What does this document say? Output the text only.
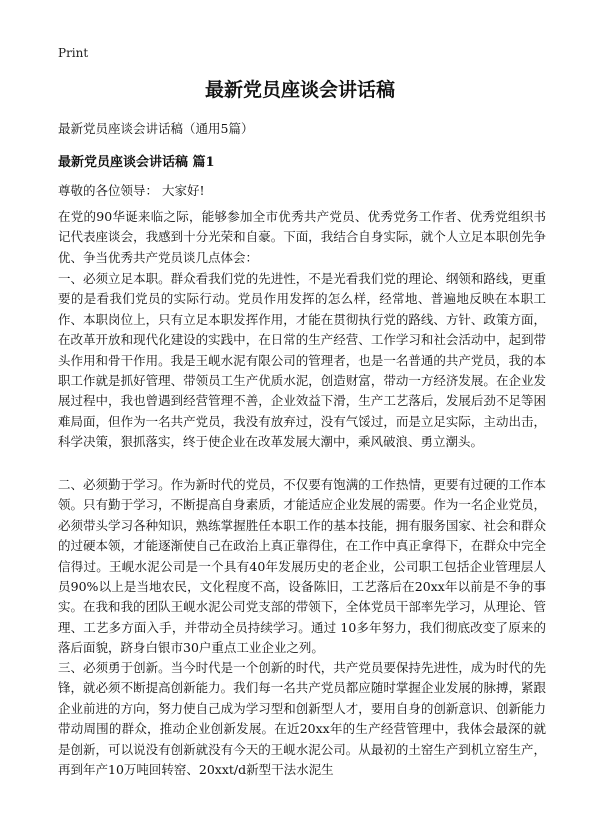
Print
最新党员座谈会讲话稿

最新党员座谈会讲话稿（通用5篇）

最新党员座谈会讲话稿 篇1

尊敬的各位领导： 大家好!

在党的90华诞来临之际，能够参加全市优秀共产党员、优秀党务工作者、优秀党组织书记代表座谈会，我感到十分光荣和自豪。下面，我结合自身实际，就个人立足本职创先争优、争当优秀共产党员谈几点体会：

一、必须立足本职。群众看我们党的先进性，不是光看我们党的理论、纲领和路线，更重要的是看我们党员的实际行动。党员作用发挥的怎么样，经常地、普遍地反映在本职工作、本职岗位上，只有立足本职发挥作用，才能在贯彻执行党的路线、方针、政策方面，在改革开放和现代化建设的实践中，在日常的生产经营、工作学习和社会活动中，起到带头作用和骨干作用。我是王岘水泥有限公司的管理者，也是一名普通的共产党员，我的本职工作就是抓好管理、带领员工生产优质水泥，创造财富，带动一方经济发展。在企业发展过程中，我也曾遇到经营管理不善，企业效益下滑，生产工艺落后，发展后劲不足等困难局面，但作为一名共产党员，我没有放弃过，没有气馁过，而是立足实际，主动出击，科学决策，狠抓落实，终于使企业在改革发展大潮中，乘风破浪、勇立潮头。

二、必须勤于学习。作为新时代的党员，不仅要有饱满的工作热情，更要有过硬的工作本领。只有勤于学习，不断提高自身素质，才能适应企业发展的需要。作为一名企业党员，必须带头学习各种知识，熟练掌握胜任本职工作的基本技能，拥有服务国家、社会和群众的过硬本领，才能逐渐使自己在政治上真正靠得住，在工作中真正拿得下，在群众中完全信得过。王岘水泥公司是一个具有40年发展历史的老企业，公司职工包括企业管理层人员90%以上是当地农民，文化程度不高，设备陈旧，工艺落后在20xx年以前是不争的事实。在我和我的团队王岘水泥公司党支部的带领下，全体党员干部率先学习，从理论、管理、工艺多方面入手，并带动全员持续学习。通过 10多年努力，我们彻底改变了原来的落后面貌，跻身白银市30户重点工业企业之列。

三、必须勇于创新。当今时代是一个创新的时代，共产党员要保持先进性，成为时代的先锋，就必须不断提高创新能力。我们每一名共产党员都应随时掌握企业发展的脉搏，紧跟企业前进的方向，努力使自己成为学习型和创新型人才，要用自身的创新意识、创新能力带动周围的群众，推动企业创新发展。在近20xx年的生产经营管理中，我体会最深的就是创新，可以说没有创新就没有今天的王岘水泥公司。从最初的土窑生产到机立窑生产，再到年产10万吨回转窑、20xxt/d新型干法水泥生
